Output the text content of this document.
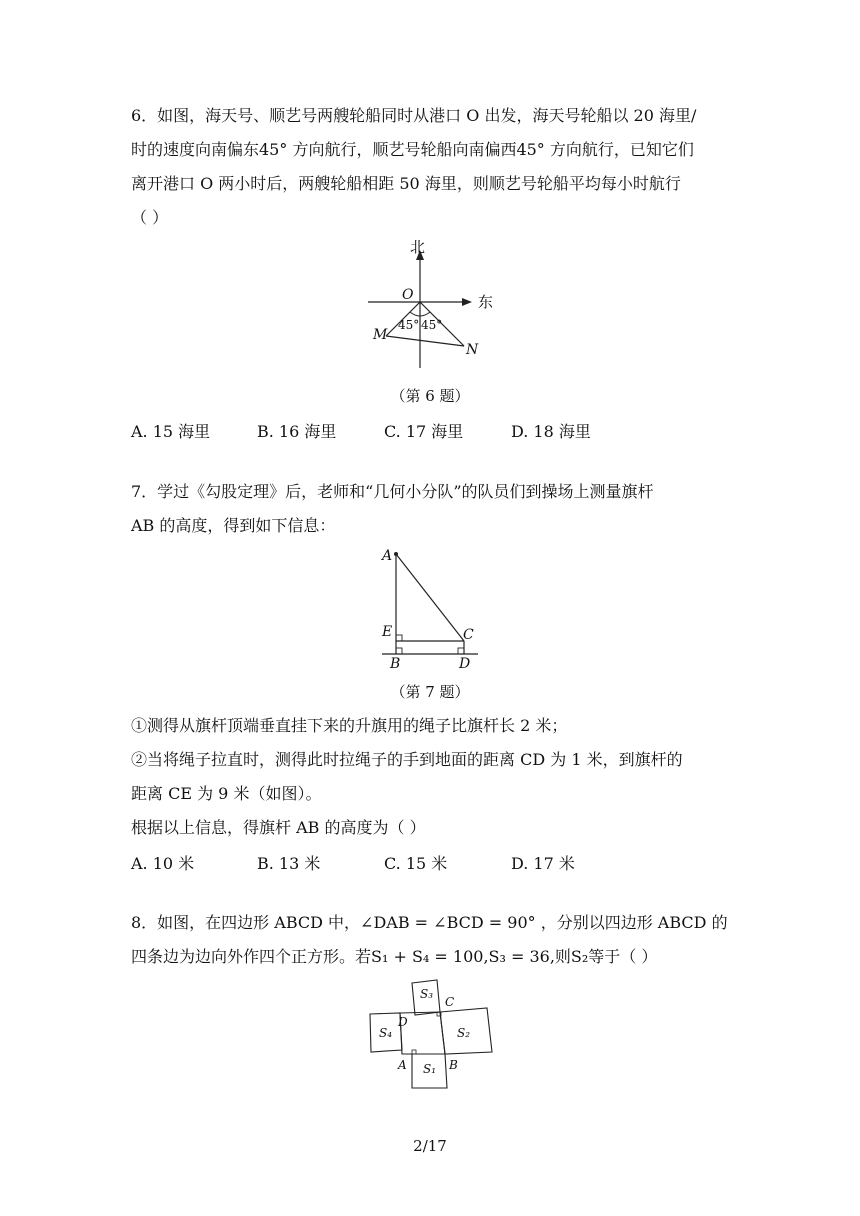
6．如图，海天号、顺艺号两艘轮船同时从港口 O 出发，海天号轮船以 20 海里/
时的速度向南偏东45° 方向航行，顺艺号轮船向南偏西45° 方向航行，已知它们
离开港口 O 两小时后，两艘轮船相距 50 海里，则顺艺号轮船平均每小时航行
（ ）
北
东
O
M
N
45° 45°
（第 6 题）
A. 15 海里	B. 16 海里	C. 17 海里	D. 18 海里
7．学过《勾股定理》后，老师和“几何小分队”的队员们到操场上测量旗杆
AB 的高度，得到如下信息：
A
E
B
C
D
（第 7 题）
①测得从旗杆顶端垂直挂下来的升旗用的绳子比旗杆长 2 米；
②当将绳子拉直时，测得此时拉绳子的手到地面的距离 CD 为 1 米，到旗杆的
距离 CE 为 9 米（如图）。
根据以上信息，得旗杆 AB 的高度为（ ）
A. 10 米	B. 13 米	C. 15 米	D. 17 米
8．如图，在四边形 ABCD 中，∠DAB = ∠BCD = 90° ，分别以四边形 ABCD 的
四条边为边向外作四个正方形。若S₁ + S₄ = 100,S₃ = 36,则S₂等于（ ）
S₃
S₄	S₂
S₁
C
D
A	B
2/17
